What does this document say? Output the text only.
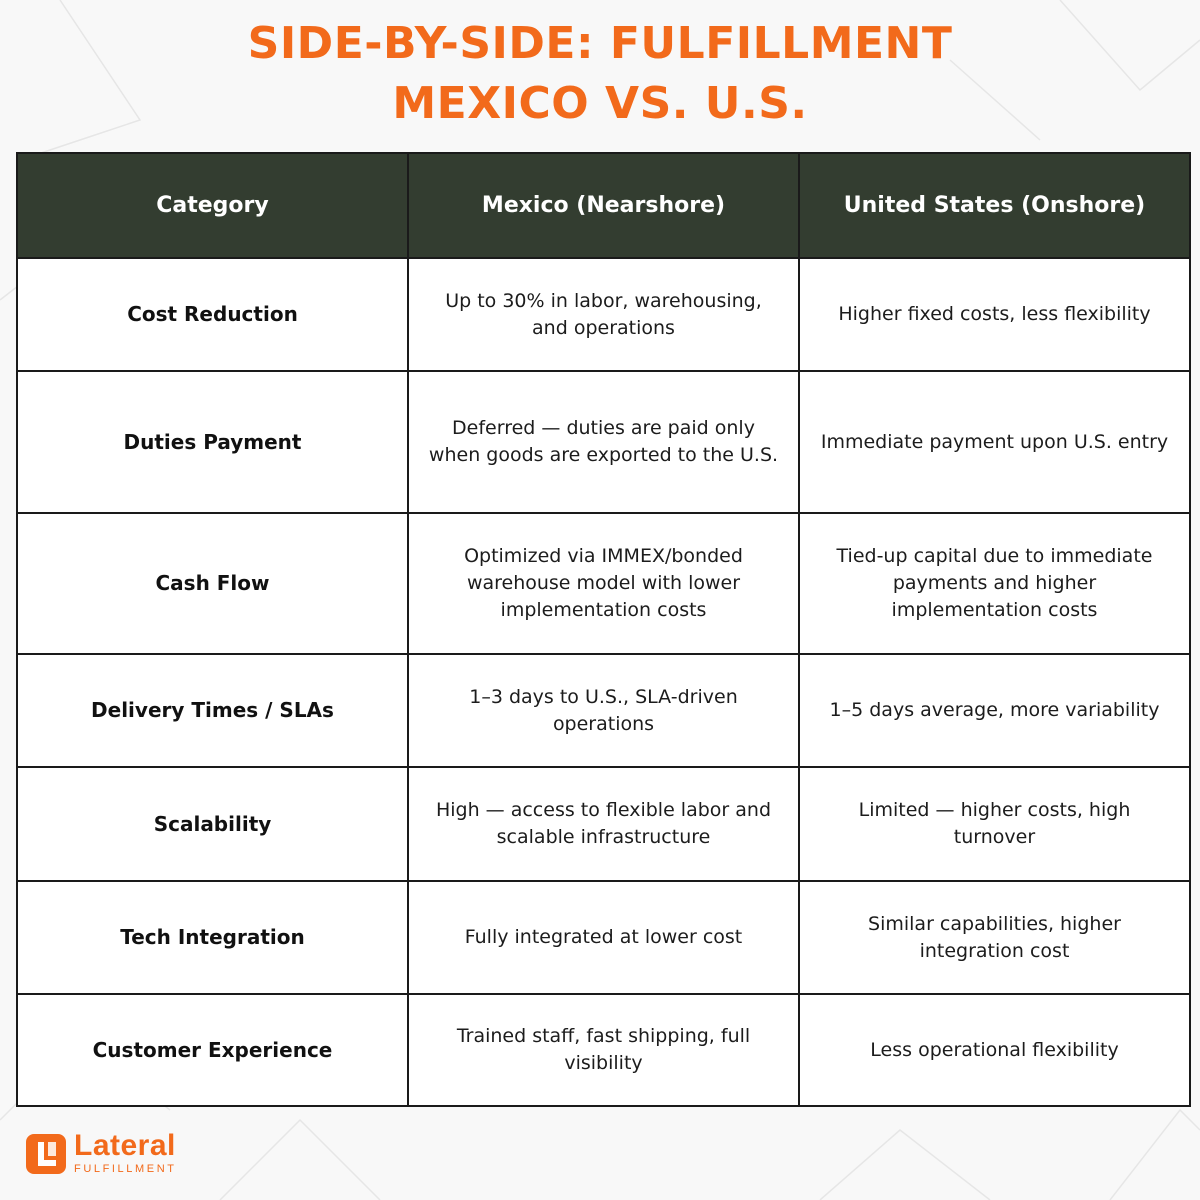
SIDE-BY-SIDE: FULFILLMENT
MEXICO VS. U.S.
Category	Mexico (Nearshore)	United States (Onshore)
Cost Reduction	Up to 30% in labor, warehousing, and operations	Higher fixed costs, less flexibility
Duties Payment	Deferred — duties are paid only when goods are exported to the U.S.	Immediate payment upon U.S. entry
Cash Flow	Optimized via IMMEX/bonded warehouse model with lower implementation costs	Tied-up capital due to immediate payments and higher implementation costs
Delivery Times / SLAs	1–3 days to U.S., SLA-driven operations	1–5 days average, more variability
Scalability	High — access to flexible labor and scalable infrastructure	Limited — higher costs, high turnover
Tech Integration	Fully integrated at lower cost	Similar capabilities, higher integration cost
Customer Experience	Trained staff, fast shipping, full visibility	Less operational flexibility
Lateral
FULFILLMENT
